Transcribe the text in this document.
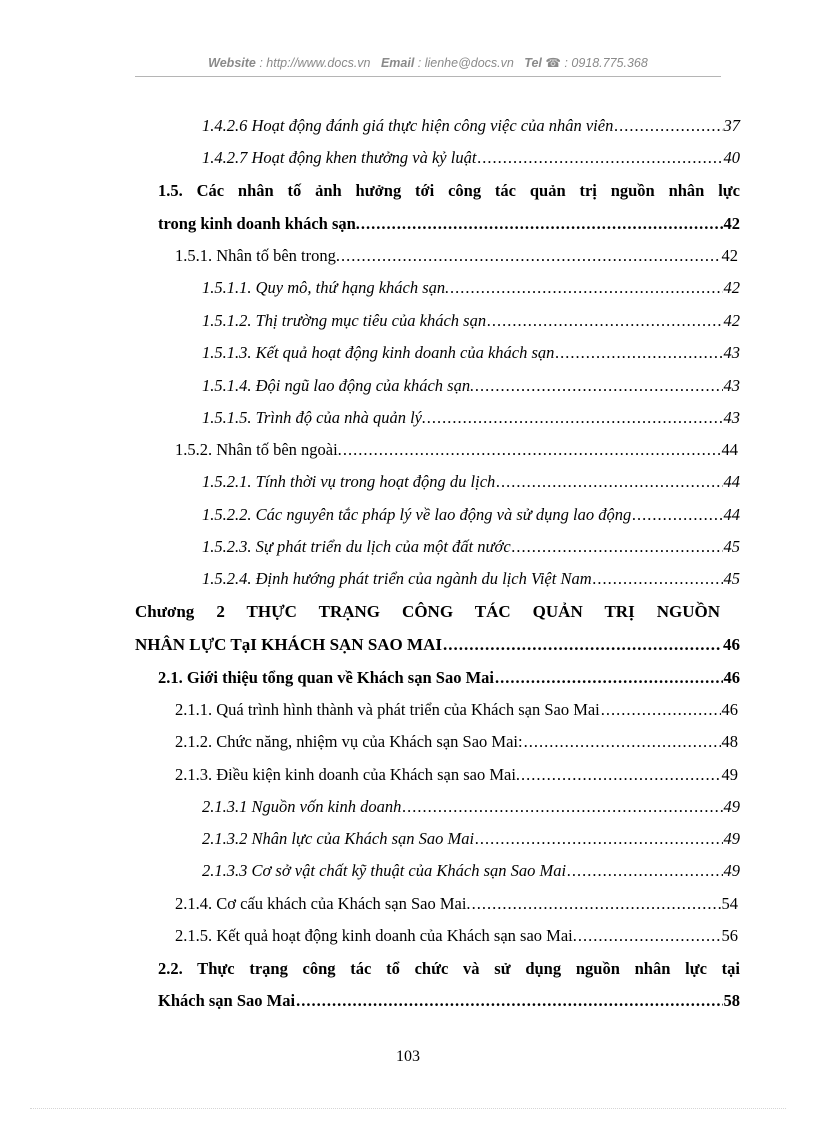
Website : http://www.docs.vn Email : lienhe@docs.vn Tel ☎ : 0918.775.368
1.4.2.6 Hoạt động đánh giá thực hiện công việc của nhân viên .....	37
1.4.2.7 Hoạt động khen thưởng và kỷ luật .....	40
1.5. Các nhân tố ảnh hưởng tới công tác quản trị nguồn nhân lực
trong kinh doanh khách sạn. .....	42
1.5.1. Nhân tố bên trong. .....	42
1.5.1.1. Quy mô, thứ hạng khách sạn. .....	42
1.5.1.2. Thị trường mục tiêu của khách sạn .....	42
1.5.1.3. Kết quả hoạt động kinh doanh của khách sạn .....	43
1.5.1.4. Đội ngũ lao động của khách sạn. .....	43
1.5.1.5. Trình độ của nhà quản lý. .....	43
1.5.2. Nhân tố bên ngoài. .....	44
1.5.2.1. Tính thời vụ trong hoạt động du lịch .....	44
1.5.2.2. Các nguyên tắc pháp lý về lao động và sử dụng lao động .....	44
1.5.2.3. Sự phát triển du lịch của một đất nước .....	45
1.5.2.4. Định hướng phát triển của ngành du lịch Việt Nam .....	45
Chương 2 THỰC TRẠNG CÔNG TÁC QUẢN TRỊ NGUỒN
NHÂN LỰC TạI KHÁCH SẠN SAO MAI .....	46
2.1. Giới thiệu tổng quan về Khách sạn Sao Mai .....	46
2.1.1. Quá trình hình thành và phát triển của Khách sạn Sao Mai .....	46
2.1.2. Chức năng, nhiệm vụ của Khách sạn Sao Mai: .....	48
2.1.3. Điều kiện kinh doanh của Khách sạn sao Mai. .....	49
2.1.3.1 Nguồn vốn kinh doanh .....	49
2.1.3.2 Nhân lực của Khách sạn Sao Mai .....	49
2.1.3.3 Cơ sở vật chất kỹ thuật của Khách sạn Sao Mai .....	49
2.1.4. Cơ cấu khách của Khách sạn Sao Mai. .....	54
2.1.5. Kết quả hoạt động kinh doanh của Khách sạn sao Mai. .....	56
2.2. Thực trạng công tác tổ chức và sử dụng nguồn nhân lực tại
Khách sạn Sao Mai .....	58
103
